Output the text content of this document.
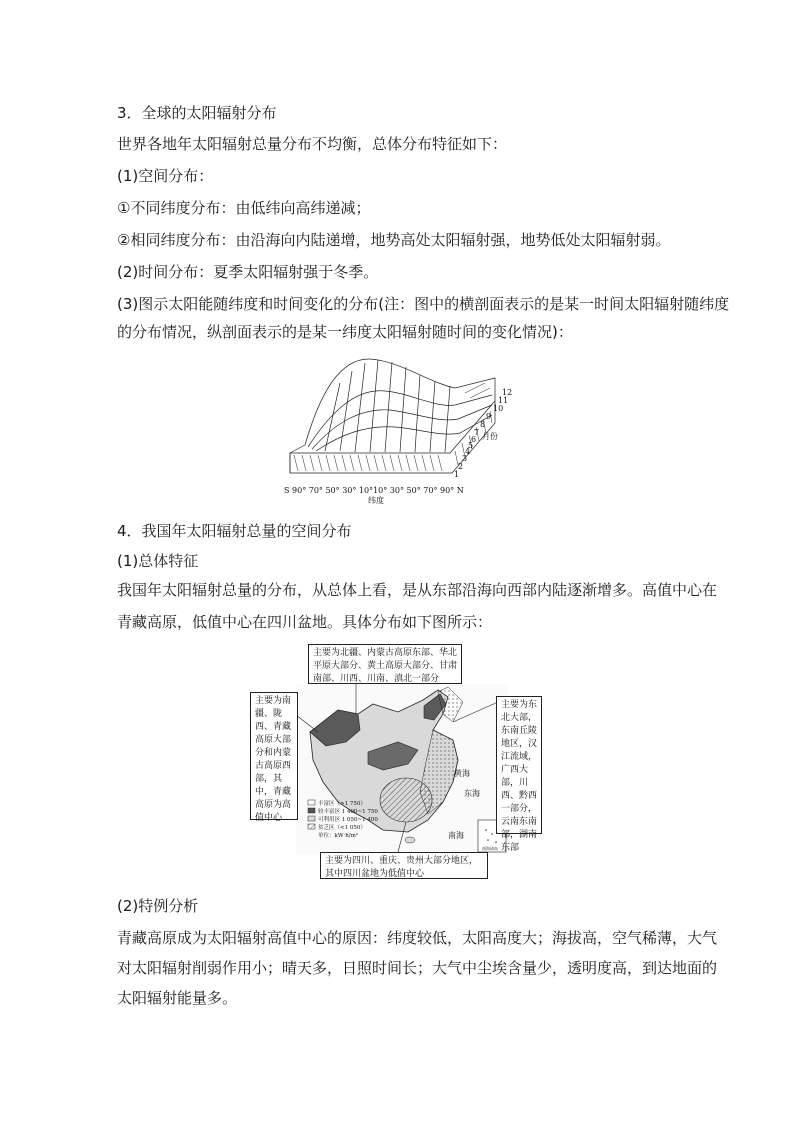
3．全球的太阳辐射分布
世界各地年太阳辐射总量分布不均衡，总体分布特征如下：
(1)空间分布：
①不同纬度分布：由低纬向高纬递减；
②相同纬度分布：由沿海向内陆递增，地势高处太阳辐射强，地势低处太阳辐射弱。
(2)时间分布：夏季太阳辐射强于冬季。
(3)图示太阳能随纬度和时间变化的分布(注：图中的横剖面表示的是某一时间太阳辐射随纬度
的分布情况，纵剖面表示的是某一纬度太阳辐射随时间的变化情况)：
12
11
10
9
8
7
6
5
4
3
2
1
月份
S 90° 70° 50° 30° 10°10° 30° 50° 70° 90° N
纬度
4．我国年太阳辐射总量的空间分布
(1)总体特征
我国年太阳辐射总量的分布，从总体上看，是从东部沿海向西部内陆逐渐增多。高值中心在
青藏高原，低值中心在四川盆地。具体分布如下图所示：
丰富区（>1 750）
较丰富区 1 400~1 750
可利用区 1 050~1 400
贫乏区（<1 050）
单位：kW·h/m²
黄海
东海
南海
南海诸岛
主要为北疆、内蒙古高原东部、华北平原大部分、黄土高原大部分、甘肃南部、川西、川南、滇北一部分
主要为南疆、陇西、青藏高原大部分和内蒙古高原西部，其中，青藏高原为高值中心
主要为东北大部，东南丘陵地区，汉江流域，广西大部，川西、黔西一部分，云南东南部，湖南东部
主要为四川、重庆、贵州大部分地区，其中四川盆地为低值中心
(2)特例分析
青藏高原成为太阳辐射高值中心的原因：纬度较低，太阳高度大；海拔高，空气稀薄，大气
对太阳辐射削弱作用小；晴天多，日照时间长；大气中尘埃含量少，透明度高，到达地面的
太阳辐射能量多。
